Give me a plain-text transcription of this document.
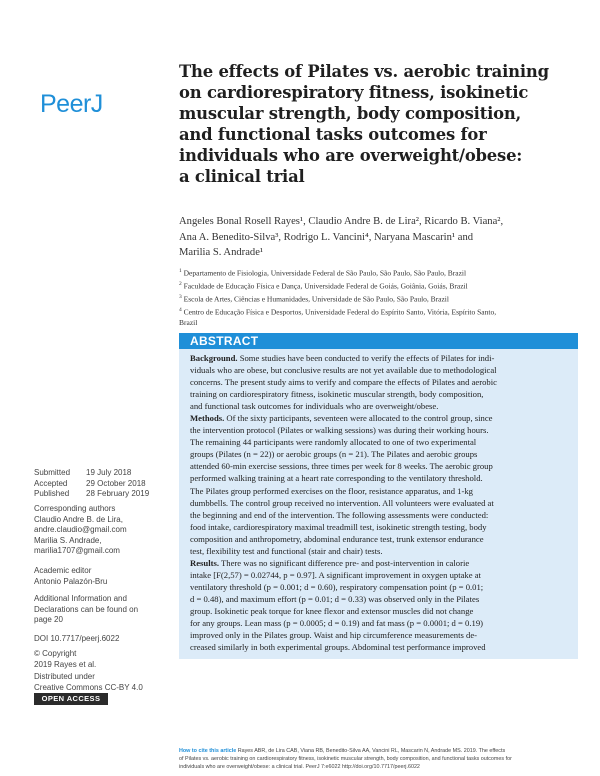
PeerJ
The effects of Pilates vs. aerobic training
on cardiorespiratory fitness, isokinetic
muscular strength, body composition,
and functional tasks outcomes for
individuals who are overweight/obese:
a clinical trial
Angeles Bonal Rosell Rayes¹, Claudio Andre B. de Lira², Ricardo B. Viana²,
Ana A. Benedito-Silva³, Rodrigo L. Vancini⁴, Naryana Mascarin¹ and
Marilia S. Andrade¹
$^1$ Departamento de Fisiologia, Universidade Federal de São Paulo, São Paulo, São Paulo, Brazil
$^2$ Faculdade de Educação Física e Dança, Universidade Federal de Goiás, Goiânia, Goiás, Brazil
$^3$ Escola de Artes, Ciências e Humanidades, Universidade de São Paulo, São Paulo, Brazil
$^4$ Centro de Educação Física e Desportos, Universidade Federal do Espírito Santo, Vitória, Espírito Santo,
Brazil
ABSTRACT
Background. Some studies have been conducted to verify the effects of Pilates for indi-
viduals who are obese, but conclusive results are not yet available due to methodological
concerns. The present study aims to verify and compare the effects of Pilates and aerobic
training on cardiorespiratory fitness, isokinetic muscular strength, body composition,
and functional task outcomes for individuals who are overweight/obese.
Methods. Of the sixty participants, seventeen were allocated to the control group, since
the intervention protocol (Pilates or walking sessions) was during their working hours.
The remaining 44 participants were randomly allocated to one of two experimental
groups (Pilates (n = 22)) or aerobic groups (n = 21). The Pilates and aerobic groups
attended 60-min exercise sessions, three times per week for 8 weeks. The aerobic group
performed walking training at a heart rate corresponding to the ventilatory threshold.
The Pilates group performed exercises on the floor, resistance apparatus, and 1-kg
dumbbells. The control group received no intervention. All volunteers were evaluated at
the beginning and end of the intervention. The following assessments were conducted:
food intake, cardiorespiratory maximal treadmill test, isokinetic strength testing, body
composition and anthropometry, abdominal endurance test, trunk extensor endurance
test, flexibility test and functional (stair and chair) tests.
Results. There was no significant difference pre- and post-intervention in calorie
intake [F(2,57) = 0.02744, p = 0.97]. A significant improvement in oxygen uptake at
ventilatory threshold (p = 0.001; d = 0.60), respiratory compensation point (p = 0.01;
d = 0.48), and maximum effort (p = 0.01; d = 0.33) was observed only in the Pilates
group. Isokinetic peak torque for knee flexor and extensor muscles did not change
for any groups. Lean mass (p = 0.0005; d = 0.19) and fat mass (p = 0.0001; d = 0.19)
improved only in the Pilates group. Waist and hip circumference measurements de-
creased similarly in both experimental groups. Abdominal test performance improved
Submitted 19 July 2018
Accepted 29 October 2018
Published 28 February 2019
Corresponding authors
Claudio Andre B. de Lira,
andre.claudio@gmail.com
Marilia S. Andrade,
marilia1707@gmail.com
Academic editor
Antonio Palazón-Bru
Additional Information and
Declarations can be found on
page 20
DOI 10.7717/peerj.6022
© Copyright
2019 Rayes et al.
Distributed under
Creative Commons CC-BY 4.0
OPEN ACCESS
How to cite this article Rayes ABR, de Lira CAB, Viana RB, Benedito-Silva AA, Vancini RL, Mascarin N, Andrade MS. 2019. The effects
of Pilates vs. aerobic training on cardiorespiratory fitness, isokinetic muscular strength, body composition, and functional tasks outcomes for
individuals who are overweight/obese: a clinical trial. PeerJ 7:e6022 http://doi.org/10.7717/peerj.6022
